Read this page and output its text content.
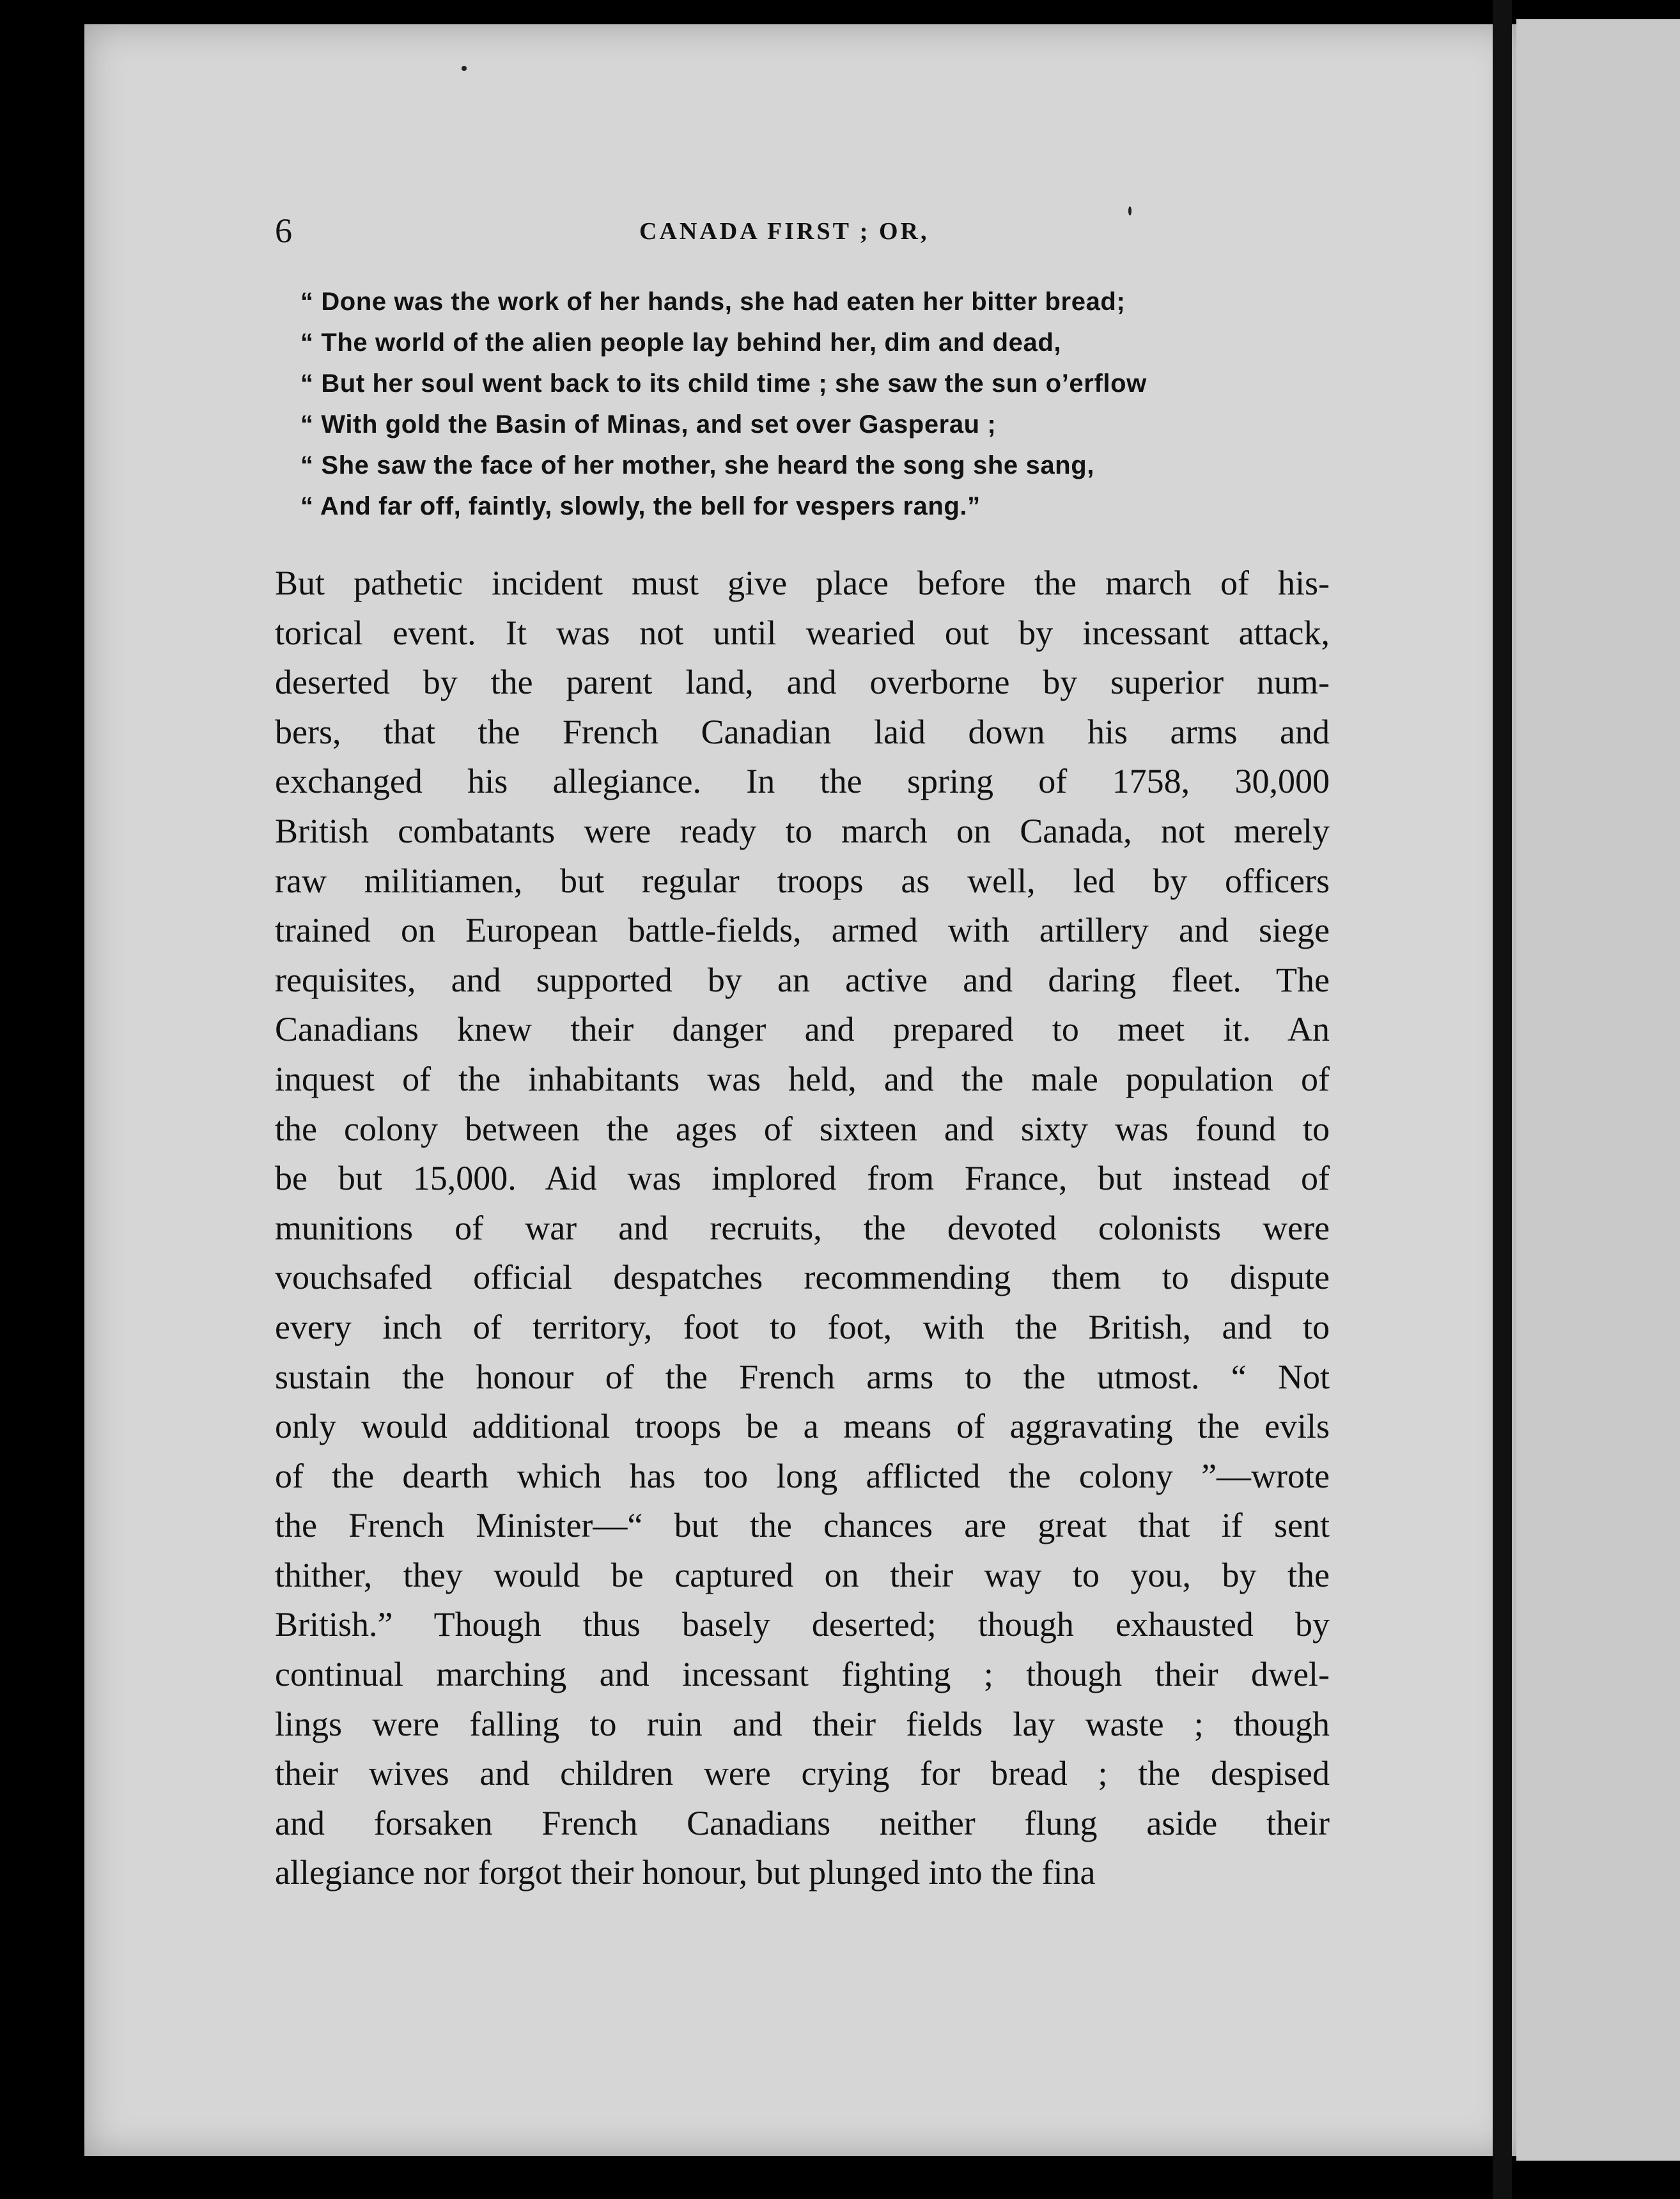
6	CANADA FIRST ; OR,
“ Done was the work of her hands, she had eaten her bitter bread;
“ The world of the alien people lay behind her, dim and dead,
“ But her soul went back to its child time ; she saw the sun o’erflow
“ With gold the Basin of Minas, and set over Gasperau ;
“ She saw the face of her mother, she heard the song she sang,
“ And far off, faintly, slowly, the bell for vespers rang.”
But pathetic incident must give place before the march of his-
torical event. It was not until wearied out by incessant attack,
deserted by the parent land, and overborne by superior num-
bers, that the French Canadian laid down his arms and
exchanged his allegiance. In the spring of 1758, 30,000
British combatants were ready to march on Canada, not merely
raw militiamen, but regular troops as well, led by officers
trained on European battle-fields, armed with artillery and siege
requisites, and supported by an active and daring fleet. The
Canadians knew their danger and prepared to meet it. An
inquest of the inhabitants was held, and the male population of
the colony between the ages of sixteen and sixty was found to
be but 15,000. Aid was implored from France, but instead of
munitions of war and recruits, the devoted colonists were
vouchsafed official despatches recommending them to dispute
every inch of territory, foot to foot, with the British, and to
sustain the honour of the French arms to the utmost. “ Not
only would additional troops be a means of aggravating the evils
of the dearth which has too long afflicted the colony ”—wrote
the French Minister—“ but the chances are great that if sent
thither, they would be captured on their way to you, by the
British.” Though thus basely deserted; though exhausted by
continual marching and incessant fighting ; though their dwel-
lings were falling to ruin and their fields lay waste ; though
their wives and children were crying for bread ; the despised
and forsaken French Canadians neither flung aside their
allegiance nor forgot their honour, but plunged into the fina
